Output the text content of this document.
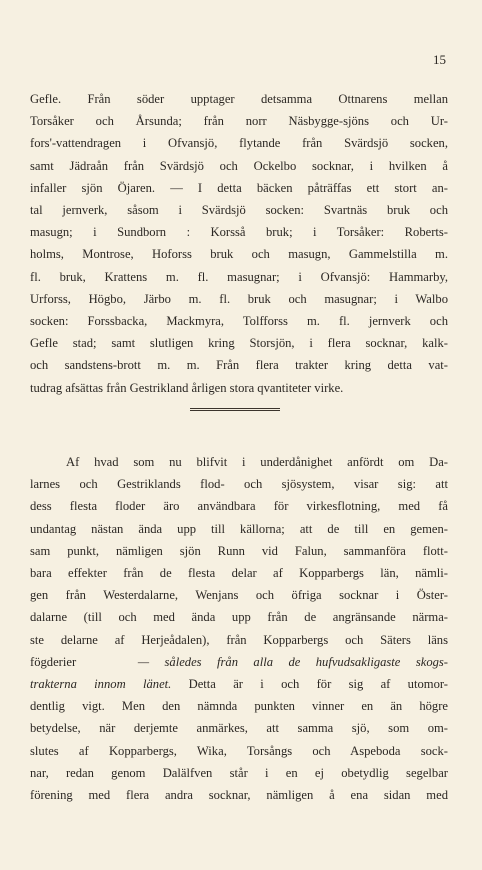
15
Gefle. Från söder upptager detsamma Ottnarens mellan
Torsåker och Årsunda; från norr Näsbygge-sjöns och Ur-
fors'-vattendragen i Ofvansjö, flytande från Svärdsjö socken,
samt Jädraån från Svärdsjö och Ockelbo socknar, i hvilken å
infaller sjön Öjaren. — I detta bäcken påträffas ett stort an-
tal jernverk, såsom i Svärdsjö socken: Svartnäs bruk och
masugn; i Sundborn : Korsså bruk; i Torsåker: Roberts-
holms, Montrose, Hoforss bruk och masugn, Gammelstilla m.
fl. bruk, Krattens m. fl. masugnar; i Ofvansjö: Hammarby,
Urforss, Högbo, Järbo m. fl. bruk och masugnar; i Walbo
socken: Forssbacka, Mackmyra, Tolfforss m. fl. jernverk och
Gefle stad; samt slutligen kring Storsjön, i flera socknar, kalk-
och sandstens-brott m. m. Från flera trakter kring detta vat-
tudrag afsättas från Gestrikland årligen stora qvantiteter virke.
Af hvad som nu blifvit i underdånighet anfördt om Da-
larnes och Gestriklands flod- och sjösystem, visar sig: att
dess flesta floder äro användbara för virkesflotning, med få
undantag nästan ända upp till källorna; att de till en gemen-
sam punkt, nämligen sjön Runn vid Falun, sammanföra flott-
bara effekter från de flesta delar af Kopparbergs län, nämli-
gen från Westerdalarne, Wenjans och öfriga socknar i Öster-
dalarne (till och med ända upp från de angränsande närma-
ste delarne af Herjeådalen), från Kopparbergs och Säters läns
fögderier	— således från alla de hufvudsakligaste skogs-
trakterna innom länet. Detta är i och för sig af utomor-
dentlig vigt. Men den nämnda punkten vinner en än högre
betydelse, när derjemte anmärkes, att samma sjö, som om-
slutes af Kopparbergs, Wika, Torsångs och Aspeboda sock-
nar, redan genom Dalälfven står i en ej obetydlig segelbar
förening med flera andra socknar, nämligen å ena sidan med
